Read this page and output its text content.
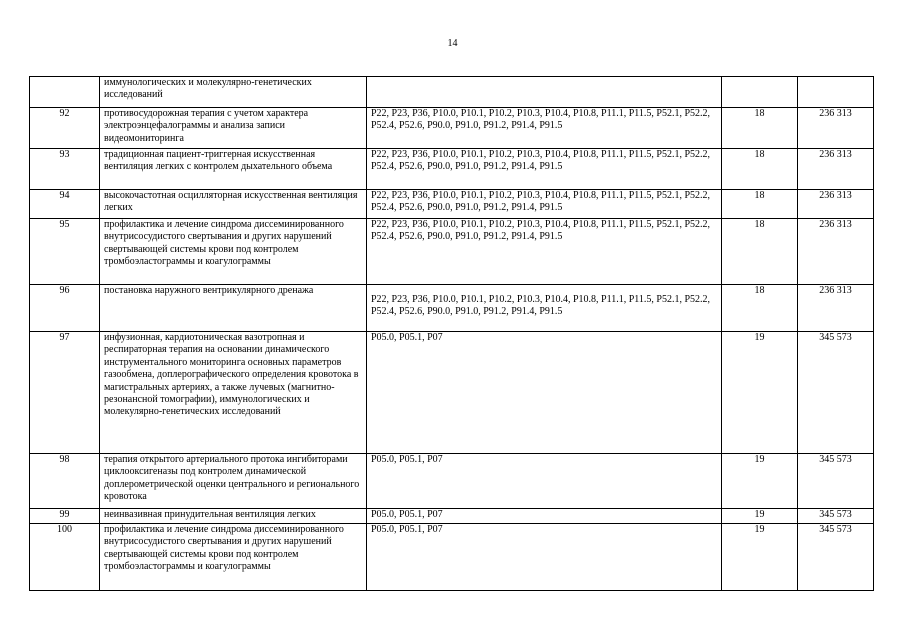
14
	иммунологических и молекулярно-генетических исследований			
92	противосудорожная терапия с учетом характера электроэнцефалограммы и анализа записи видеомониторинга	P22, P23, P36, P10.0, P10.1, P10.2, P10.3, P10.4, P10.8, P11.1, P11.5, P52.1, P52.2, P52.4, P52.6, P90.0, P91.0, P91.2, P91.4, P91.5	18	236 313
93	традиционная пациент-триггерная искусственная вентиляция легких с контролем дыхательного объема	P22, P23, P36, P10.0, P10.1, P10.2, P10.3, P10.4, P10.8, P11.1, P11.5, P52.1, P52.2, P52.4, P52.6, P90.0, P91.0, P91.2, P91.4, P91.5	18	236 313
94	высокочастотная осцилляторная искусственная вентиляция легких	P22, P23, P36, P10.0, P10.1, P10.2, P10.3, P10.4, P10.8, P11.1, P11.5, P52.1, P52.2, P52.4, P52.6, P90.0, P91.0, P91.2, P91.4, P91.5	18	236 313
95	профилактика и лечение синдрома диссеминированного внутрисосудистого свертывания и других нарушений свертывающей системы крови под контролем тромбоэластограммы и коагулограммы	P22, P23, P36, P10.0, P10.1, P10.2, P10.3, P10.4, P10.8, P11.1, P11.5, P52.1, P52.2, P52.4, P52.6, P90.0, P91.0, P91.2, P91.4, P91.5	18	236 313
96	постановка наружного вентрикулярного дренажа	P22, P23, P36, P10.0, P10.1, P10.2, P10.3, P10.4, P10.8, P11.1, P11.5, P52.1, P52.2, P52.4, P52.6, P90.0, P91.0, P91.2, P91.4, P91.5	18	236 313
97	инфузионная, кардиотоническая вазотропная и респираторная терапия на основании динамического инструментального мониторинга основных параметров газообмена, доплерографического определения кровотока в магистральных артериях, а также лучевых (магнитно-резонансной томографии), иммунологических и молекулярно-генетических исследований	P05.0, P05.1, P07	19	345 573
98	терапия открытого артериального протока ингибиторами циклооксигеназы под контролем динамической доплерометрической оценки центрального и регионального кровотока	P05.0, P05.1, P07	19	345 573
99	неинвазивная принудительная вентиляция легких	P05.0, P05.1, P07	19	345 573
100	профилактика и лечение синдрома диссеминированного внутрисосудистого свертывания и других нарушений свертывающей системы крови под контролем тромбоэластограммы и коагулограммы	P05.0, P05.1, P07	19	345 573
